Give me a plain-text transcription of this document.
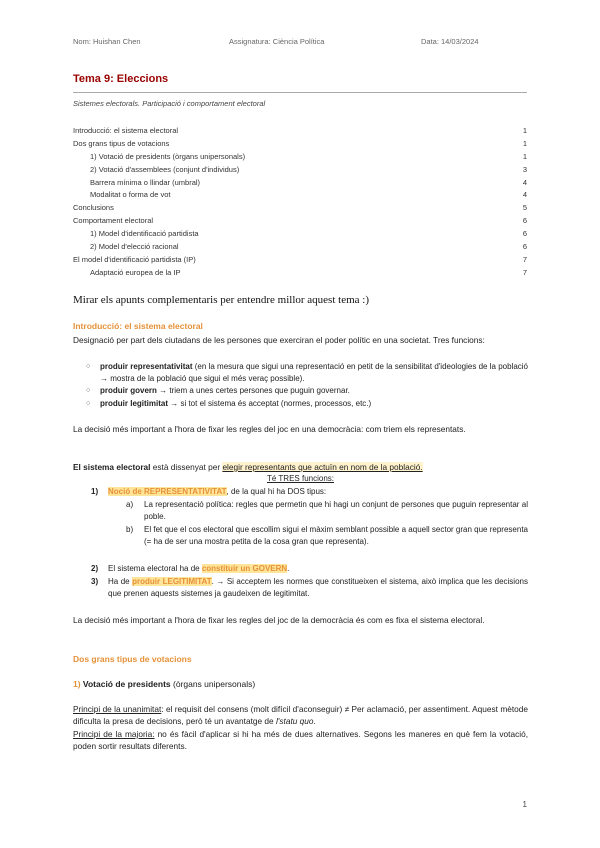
Nom: Huishan Chen	Assignatura: Ciència Política	Data: 14/03/2024
Tema 9: Eleccions
Sistemes electorals. Participació i comportament electoral
Introducció: el sistema electoral	1
Dos grans tipus de votacions	1
1) Votació de presidents (òrgans unipersonals)	1
2) Votació d'assemblees (conjunt d'individus)	3
Barrera mínima o llindar (umbral)	4
Modalitat o forma de vot	4
Conclusions	5
Comportament electoral	6
1) Model d'identificació partidista	6
2) Model d'elecció racional	6
El model d'identificació partidista (IP)	7
Adaptació europea de la IP	7
Mirar els apunts complementaris per entendre millor aquest tema :)
Introducció: el sistema electoral
Designació per part dels ciutadans de les persones que exerciran el poder polític en una societat. Tres funcions:
○ produir representativitat (en la mesura que sigui una representació en petit de la sensibilitat d'ideologies de la població → mostra de la població que sigui el més veraç possible).
○ produir govern → triem a unes certes persones que puguin governar.
○ produir legitimitat → si tot el sistema és acceptat (normes, processos, etc.)
La decisió més important a l'hora de fixar les regles del joc en una democràcia: com triem els representats.
El sistema electoral està dissenyat per elegir representants que actuïn en nom de la població.
Té TRES funcions:
1) Noció de REPRESENTATIVITAT, de la qual hi ha DOS tipus:
a) La representació política: regles que permetin que hi hagi un conjunt de persones que puguin representar al poble.
b) El fet que el cos electoral que escollim sigui el màxim semblant possible a aquell sector gran que representa (= ha de ser una mostra petita de la cosa gran que representa).
2) El sistema electoral ha de constituir un GOVERN.
3) Ha de produir LEGITIMITAT. → Si acceptem les normes que constitueixen el sistema, això implica que les decisions que prenen aquests sistemes ja gaudeixen de legitimitat.
La decisió més important a l'hora de fixar les regles del joc de la democràcia és com es fixa el sistema electoral.
Dos grans tipus de votacions
1) Votació de presidents (òrgans unipersonals)
Principi de la unanimitat: el requisit del consens (molt difícil d'aconseguir) ≠ Per aclamació, per assentiment. Aquest mètode dificulta la presa de decisions, però té un avantatge de l'statu quo.
Principi de la majoria: no és fàcil d'aplicar si hi ha més de dues alternatives. Segons les maneres en què fem la votació, poden sortir resultats diferents.
1
